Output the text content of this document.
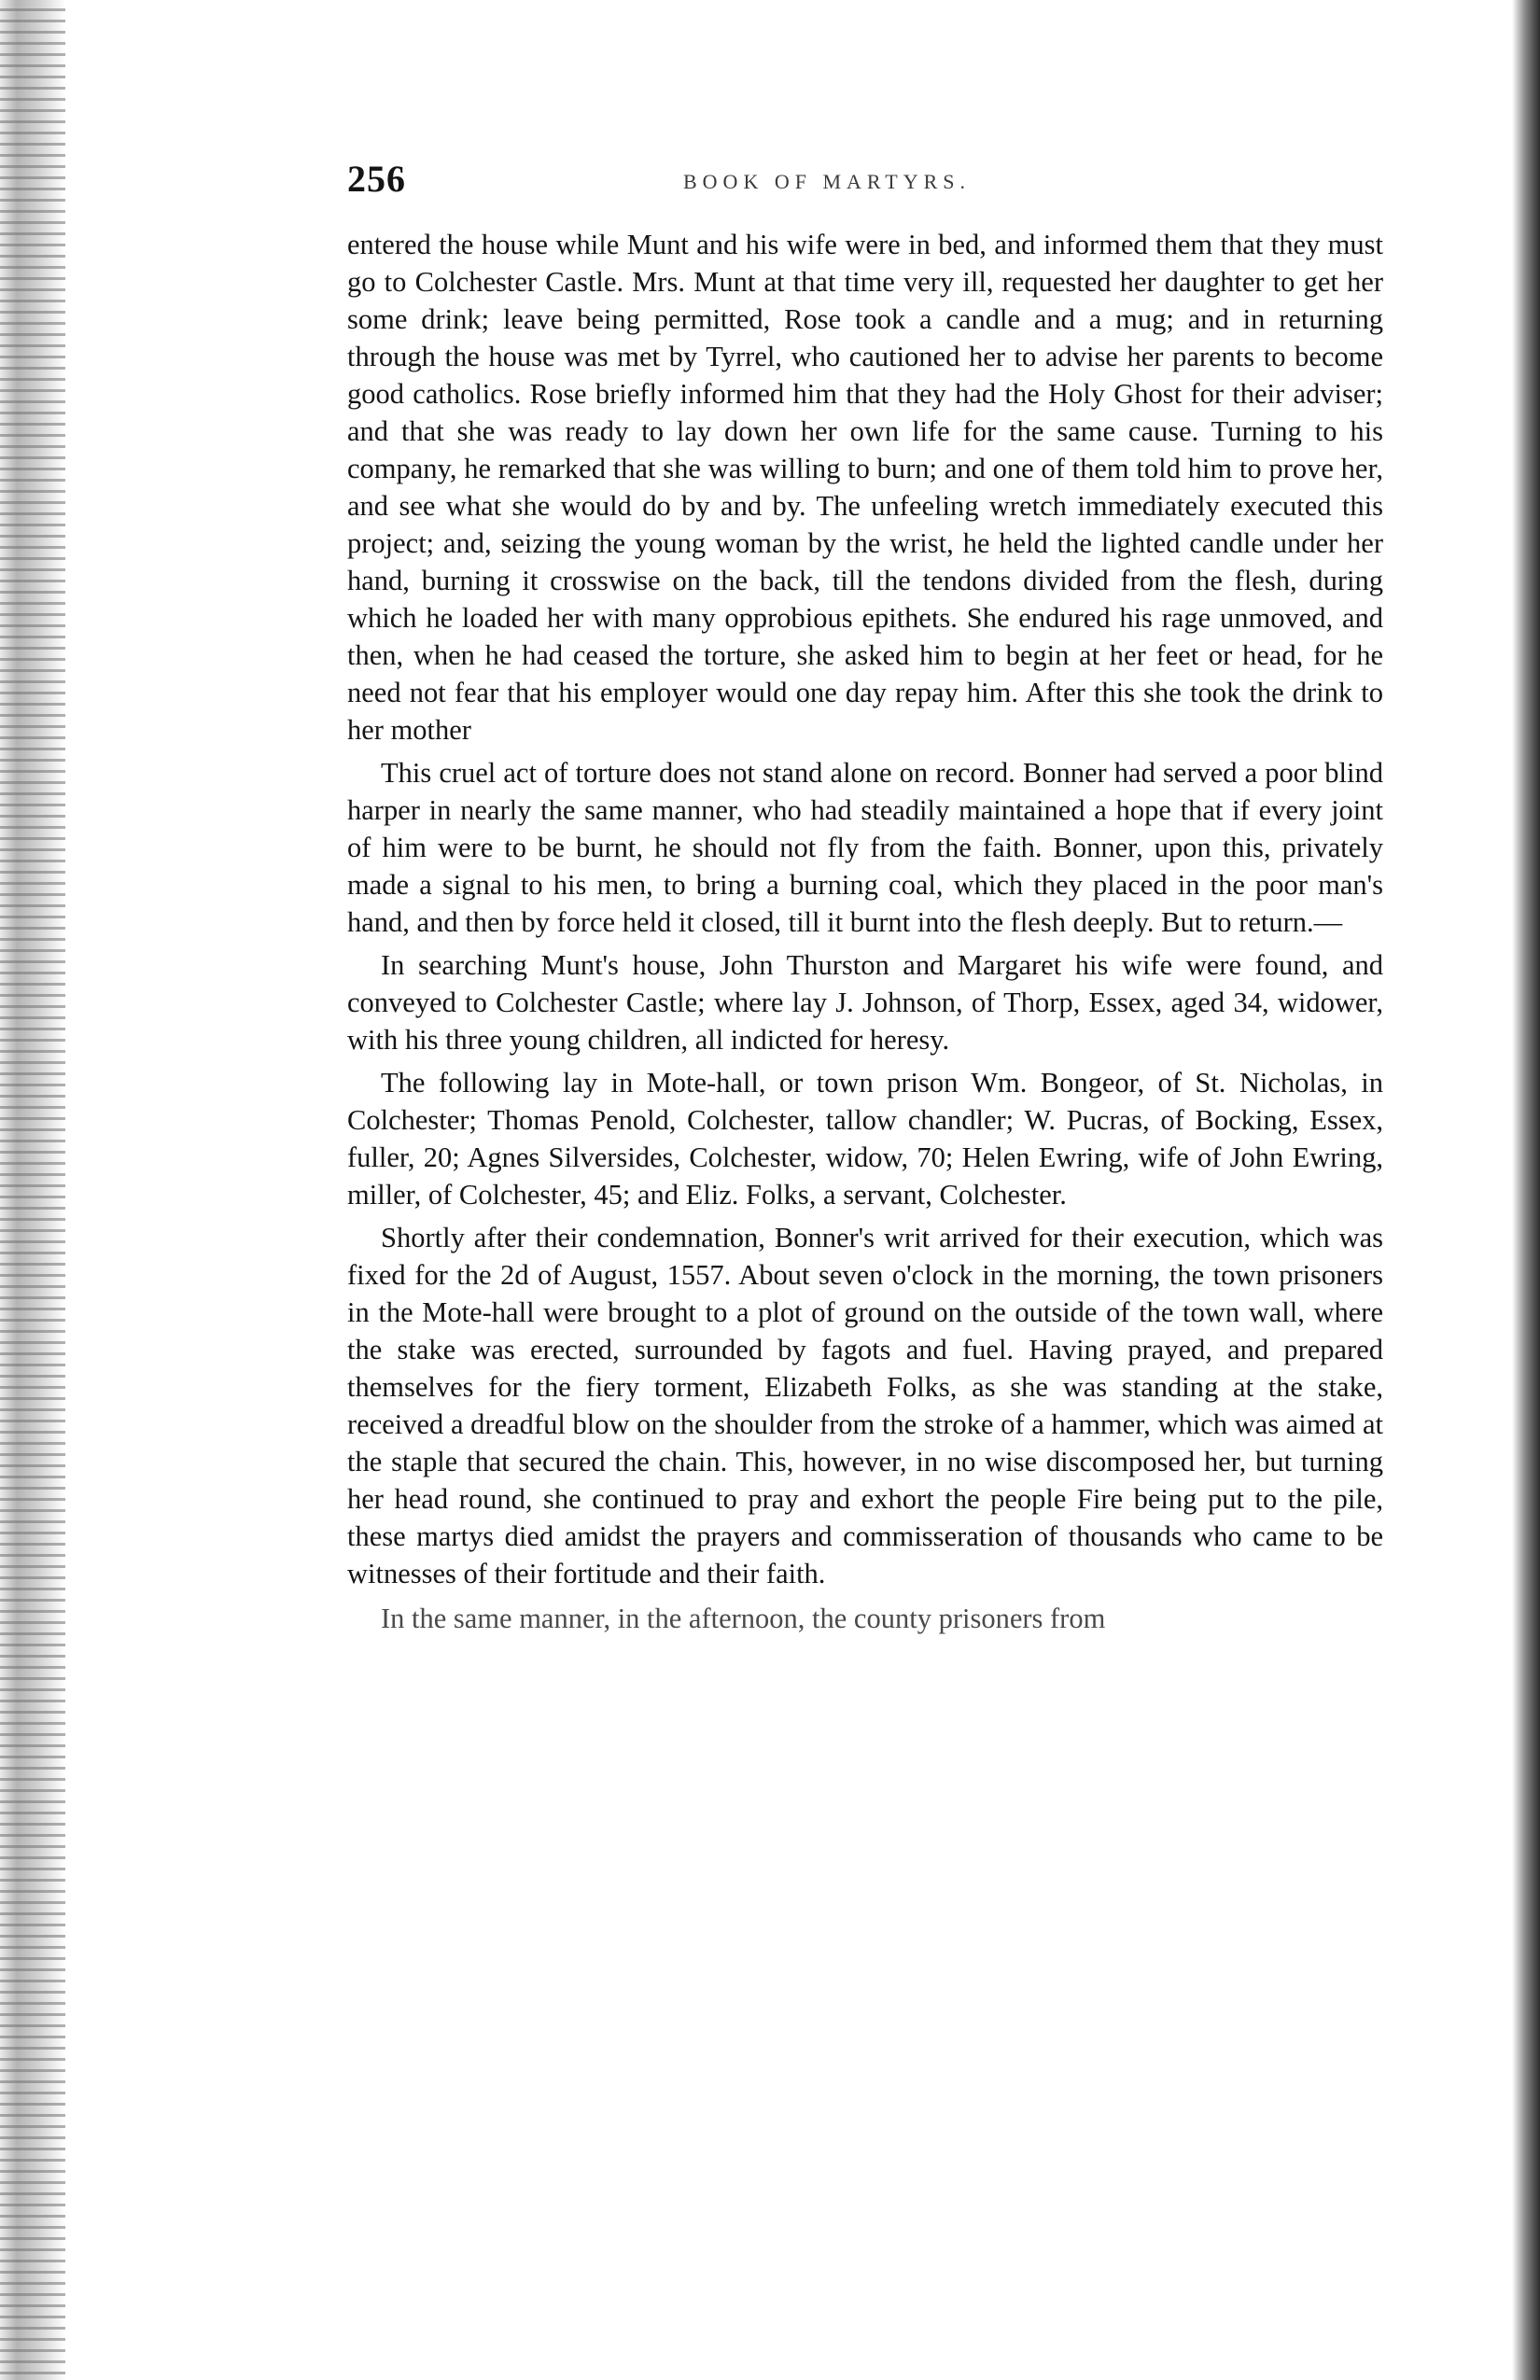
256	BOOK OF MARTYRS.

entered the house while Munt and his wife were in bed, and informed them that they must go to Colchester Castle. Mrs. Munt at that time very ill, requested her daughter to get her some drink; leave being permitted, Rose took a candle and a mug; and in returning through the house was met by Tyrrel, who cautioned her to advise her parents to become good catholics. Rose briefly informed him that they had the Holy Ghost for their adviser; and that she was ready to lay down her own life for the same cause. Turning to his company, he remarked that she was willing to burn; and one of them told him to prove her, and see what she would do by and by. The unfeeling wretch immediately executed this project; and, seizing the young woman by the wrist, he held the lighted candle under her hand, burning it crosswise on the back, till the tendons divided from the flesh, during which he loaded her with many opprobious epithets. She endured his rage unmoved, and then, when he had ceased the torture, she asked him to begin at her feet or head, for he need not fear that his employer would one day repay him. After this she took the drink to her mother

This cruel act of torture does not stand alone on record. Bonner had served a poor blind harper in nearly the same manner, who had steadily maintained a hope that if every joint of him were to be burnt, he should not fly from the faith. Bonner, upon this, privately made a signal to his men, to bring a burning coal, which they placed in the poor man's hand, and then by force held it closed, till it burnt into the flesh deeply. But to return.—

In searching Munt's house, John Thurston and Margaret his wife were found, and conveyed to Colchester Castle; where lay J. Johnson, of Thorp, Essex, aged 34, widower, with his three young children, all indicted for heresy.

The following lay in Mote-hall, or town prison Wm. Bongeor, of St. Nicholas, in Colchester; Thomas Penold, Colchester, tallow chandler; W. Pucras, of Bocking, Essex, fuller, 20; Agnes Silversides, Colchester, widow, 70; Helen Ewring, wife of John Ewring, miller, of Colchester, 45; and Eliz. Folks, a servant, Colchester.

Shortly after their condemnation, Bonner's writ arrived for their execution, which was fixed for the 2d of August, 1557. About seven o'clock in the morning, the town prisoners in the Mote-hall were brought to a plot of ground on the outside of the town wall, where the stake was erected, surrounded by fagots and fuel. Having prayed, and prepared themselves for the fiery torment, Elizabeth Folks, as she was standing at the stake, received a dreadful blow on the shoulder from the stroke of a hammer, which was aimed at the staple that secured the chain. This, however, in no wise discomposed her, but turning her head round, she continued to pray and exhort the people Fire being put to the pile, these martys died amidst the prayers and commisseration of thousands who came to be witnesses of their fortitude and their faith.

In the same manner, in the afternoon, the county prisoners from
